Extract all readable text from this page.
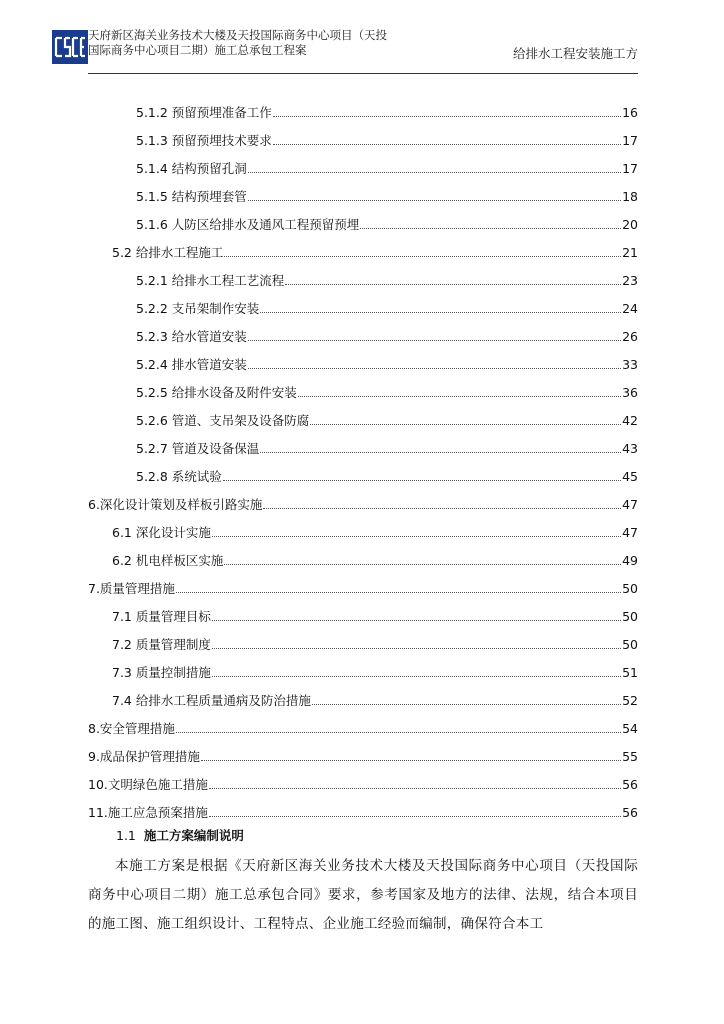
天府新区海关业务技术大楼及天投国际商务中心项目（天投国际商务中心项目二期）施工总承包工程案	给排水工程安装施工方
5.1.2 预留预埋准备工作	16
5.1.3 预留预埋技术要求	17
5.1.4 结构预留孔洞	17
5.1.5 结构预埋套管	18
5.1.6 人防区给排水及通风工程预留预埋	20
5.2 给排水工程施工	21
5.2.1 给排水工程工艺流程	23
5.2.2 支吊架制作安装	24
5.2.3 给水管道安装	26
5.2.4 排水管道安装	33
5.2.5 给排水设备及附件安装	36
5.2.6 管道、支吊架及设备防腐	42
5.2.7 管道及设备保温	43
5.2.8 系统试验	45
6.深化设计策划及样板引路实施	47
6.1 深化设计实施	47
6.2 机电样板区实施	49
7.质量管理措施	50
7.1 质量管理目标	50
7.2 质量管理制度	50
7.3 质量控制措施	51
7.4 给排水工程质量通病及防治措施	52
8.安全管理措施	54
9.成品保护管理措施	55
10.文明绿色施工措施	56
11.施工应急预案措施	56
1.1 施工方案编制说明
本施工方案是根据《天府新区海关业务技术大楼及天投国际商务中心项目（天投国际商务中心项目二期）施工总承包合同》要求，参考国家及地方的法律、法规，结合本项目的施工图、施工组织设计、工程特点、企业施工经验而编制，确保符合本工
